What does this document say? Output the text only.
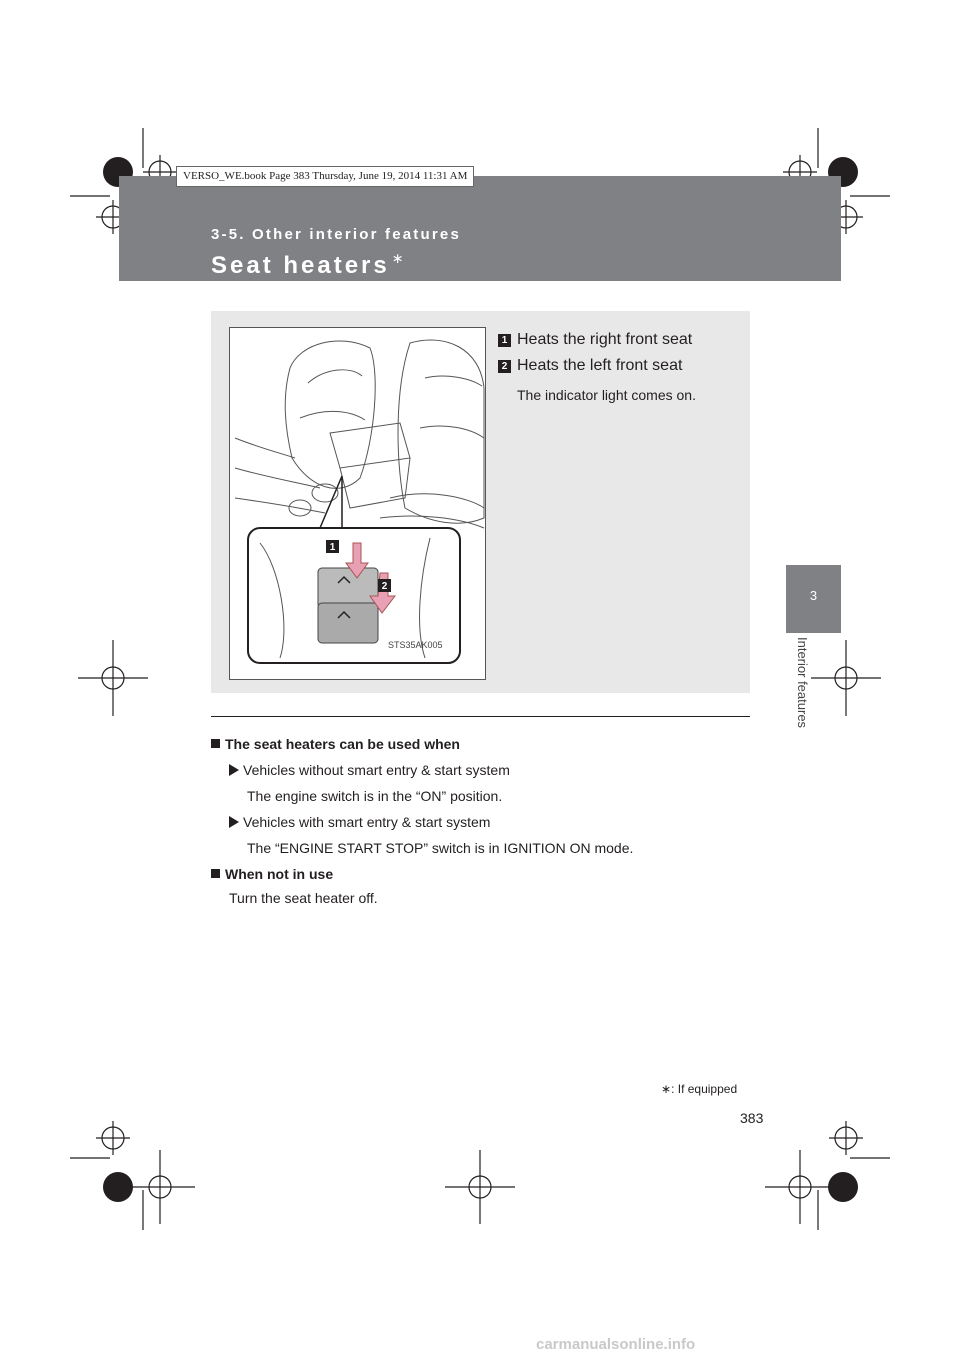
3-5. Other interior features
Seat heaters ∗
VERSO_WE.book Page 383 Thursday, June 19, 2014 11:31 AM
3
Interior features
STS35AK005
1
2
1 Heats the right front seat
2 Heats the left front seat
The indicator light comes on.
The seat heaters can be used when
Vehicles without smart entry & start system
The engine switch is in the “ON” position.
Vehicles with smart entry & start system
The “ENGINE START STOP” switch is in IGNITION ON mode.
When not in use
Turn the seat heater off.
∗: If equipped
383
carmanualsonline.info
